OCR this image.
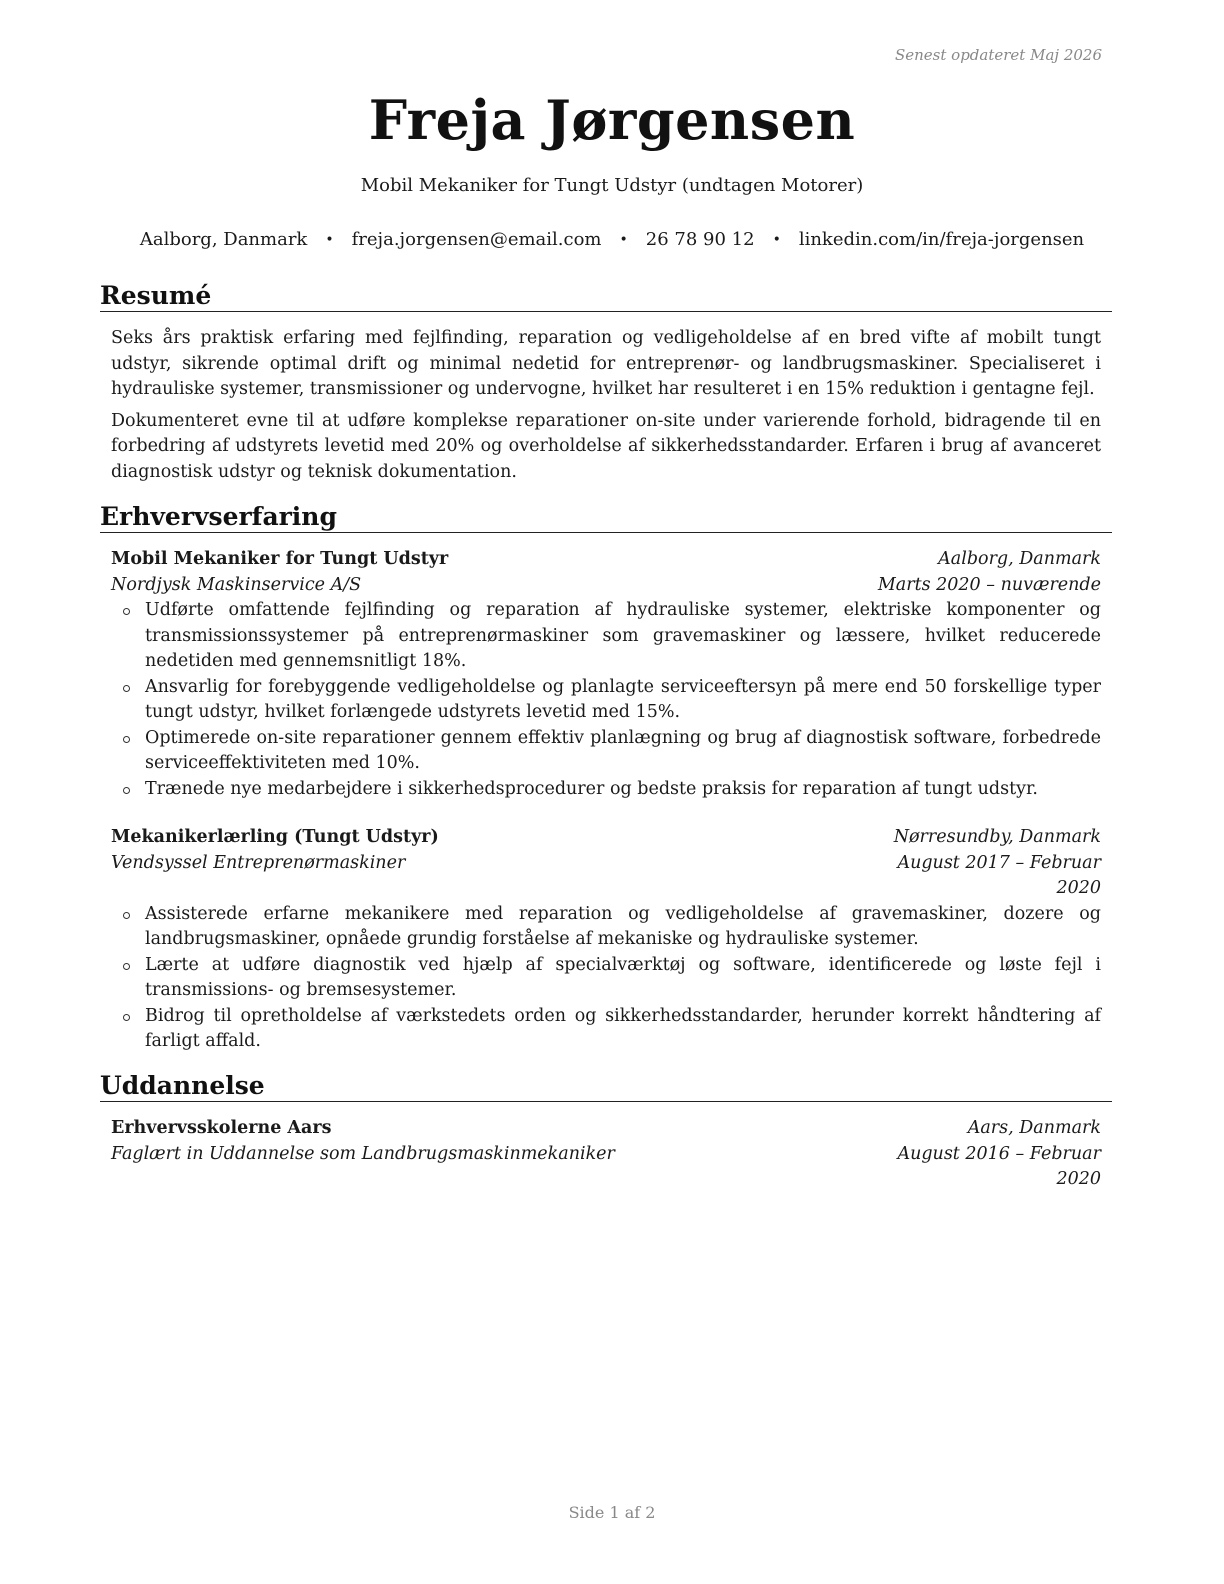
Senest opdateret Maj 2026
Freja Jørgensen
Mobil Mekaniker for Tungt Udstyr (undtagen Motorer)
Aalborg, Danmark • freja.jorgensen@email.com • 26 78 90 12 • linkedin.com/in/freja-jorgensen
Resumé

Seks års praktisk erfaring med fejlfinding, reparation og vedligeholdelse af en bred vifte af mobilt tungt udstyr, sikrende optimal drift og minimal nedetid for entreprenør- og landbrugsmaskiner. Specialiseret i hydrauliske systemer, transmissioner og undervogne, hvilket har resulteret i en 15% reduktion i gentagne fejl.

Dokumenteret evne til at udføre komplekse reparationer on-site under varierende forhold, bidragende til en forbedring af udstyrets levetid med 20% og overholdelse af sikkerhedsstandarder. Erfaren i brug af avanceret diagnostisk udstyr og teknisk dokumentation.

Erhvervserfaring
Mobil Mekaniker for Tungt Udstyr	Aalborg, Danmark
Nordjysk Maskinservice A/S	Marts 2020 – nuværende
Udførte omfattende fejlfinding og reparation af hydrauliske systemer, elektriske komponenter og transmissionssystemer på entreprenørmaskiner som gravemaskiner og læssere, hvilket reducerede nedetiden med gennemsnitligt 18%.
Ansvarlig for forebyggende vedligeholdelse og planlagte serviceeftersyn på mere end 50 forskellige typer tungt udstyr, hvilket forlængede udstyrets levetid med 15%.
Optimerede on-site reparationer gennem effektiv planlægning og brug af diagnostisk software, forbedrede serviceeffektiviteten med 10%.
Trænede nye medarbejdere i sikkerhedsprocedurer og bedste praksis for reparation af tungt udstyr.
Mekanikerlærling (Tungt Udstyr)	Nørresundby, Danmark
Vendsyssel Entreprenørmaskiner	August 2017 – Februar 2020
Assisterede erfarne mekanikere med reparation og vedligeholdelse af gravemaskiner, dozere og landbrugsmaskiner, opnåede grundig forståelse af mekaniske og hydrauliske systemer.
Lærte at udføre diagnostik ved hjælp af specialværktøj og software, identificerede og løste fejl i transmissions- og bremsesystemer.
Bidrog til opretholdelse af værkstedets orden og sikkerhedsstandarder, herunder korrekt håndtering af farligt affald.
Uddannelse
Erhvervsskolerne Aars	Aars, Danmark
Faglært in Uddannelse som Landbrugsmaskinmekaniker	August 2016 – Februar 2020
Side 1 af 2
